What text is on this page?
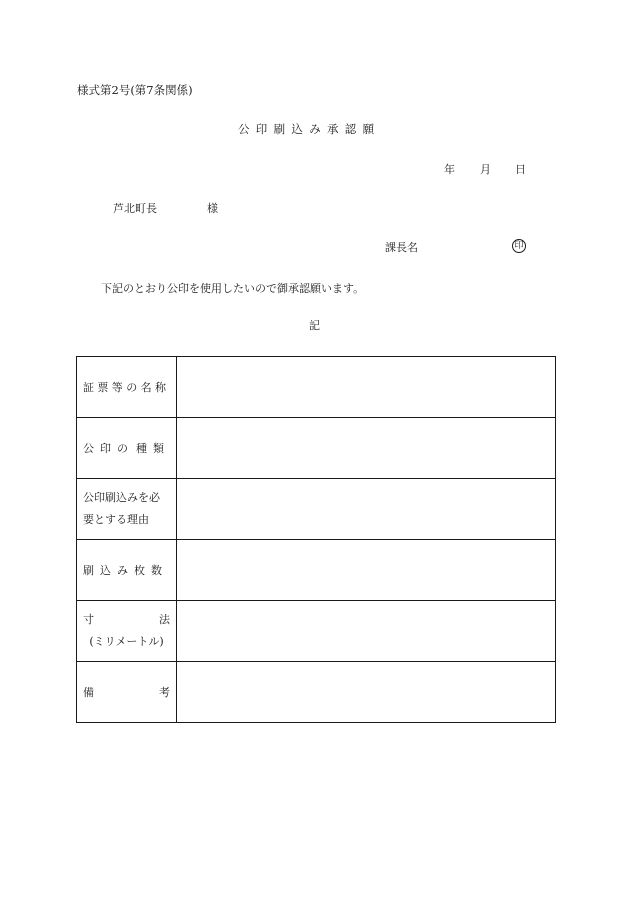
様式第2号(第7条関係)
公印刷込み承認願
年 月 日
芦北町長	様
課長名	印
下記のとおり公印を使用したいので御承認願います。
記
証票等の名称	

公印の 種類	

公印刷込みを必
要とする理由	

刷込み枚数	

寸 法
(ミリメートル)	

備 考	
